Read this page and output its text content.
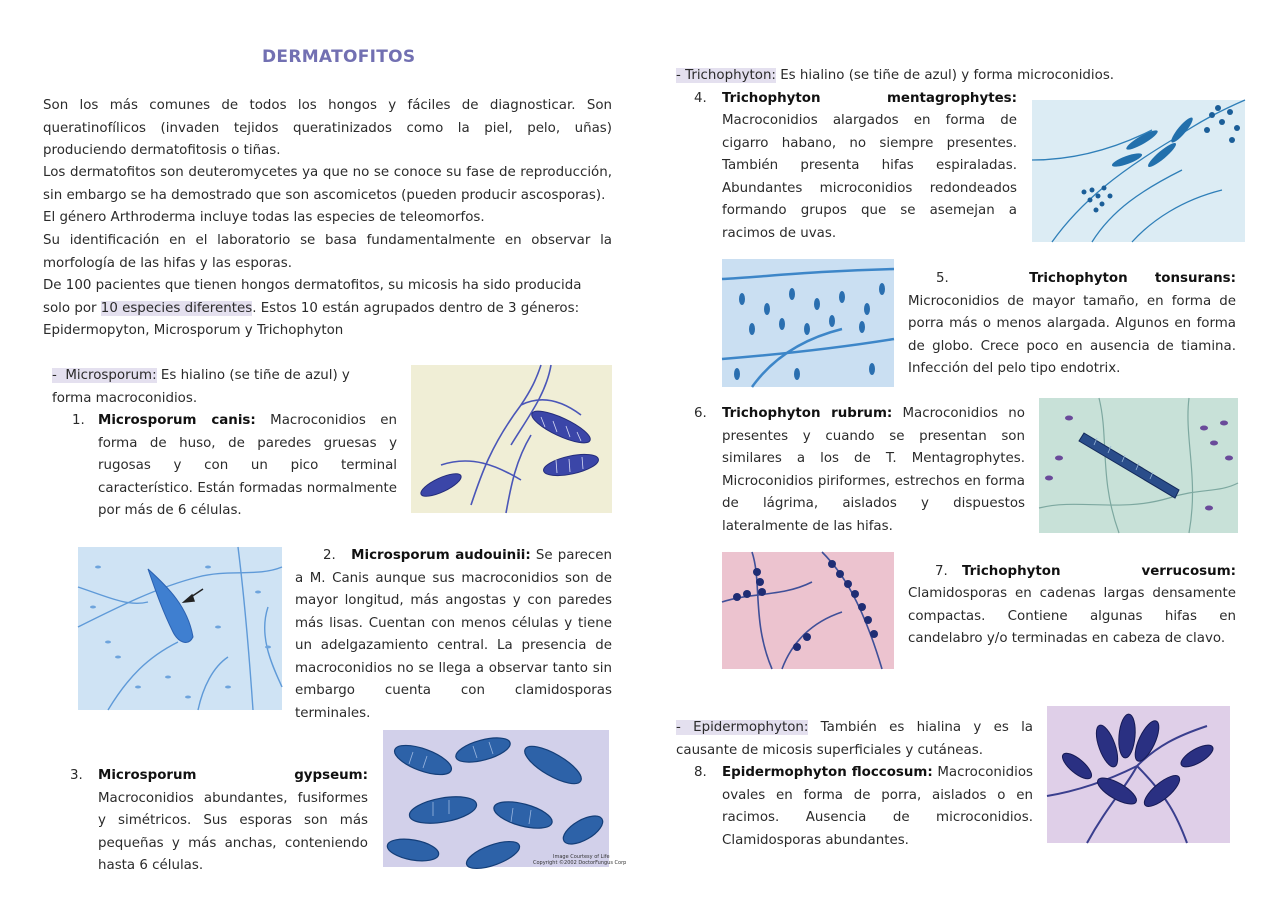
DERMATOFITOS
Son los más comunes de todos los hongos y fáciles de diagnosticar. Son queratinofílicos (invaden tejidos queratinizados como la piel, pelo, uñas) produciendo dermatofitosis o tiñas.
Los dermatofitos son deuteromycetes ya que no se conoce su fase de reproducción, sin embargo se ha demostrado que son ascomicetos (pueden producir ascosporas).
El género Arthroderma incluye todas las especies de teleomorfos.
Su identificación en el laboratorio se basa fundamentalmente en observar la morfología de las hifas y las esporas.
De 100 pacientes que tienen hongos dermatofitos, su micosis ha sido producida solo por 10 especies diferentes. Estos 10 están agrupados dentro de 3 géneros: Epidermopyton, Microsporum y Trichophyton
- Microsporum: Es hialino (se tiñe de azul) y forma macroconidios.
1. Microsporum canis: Macroconidios en forma de huso, de paredes gruesas y rugosas y con un pico terminal característico. Están formadas normalmente por más de 6 células.
2. Microsporum audouinii: Se parecen a M. Canis aunque sus macroconidios son de mayor longitud, más angostas y con paredes más lisas. Cuentan con menos células y tiene un adelgazamiento central. La presencia de macroconidios no se llega a observar tanto sin embargo cuenta con clamidosporas terminales.
3. Microsporum gypseum: Macroconidios abundantes, fusiformes y simétricos. Sus esporas son más pequeñas y más anchas, conteniendo hasta 6 células.
- Trichophyton: Es hialino (se tiñe de azul) y forma microconidios.
4. Trichophyton mentagrophytes:
Macroconidios alargados en forma de cigarro habano, no siempre presentes. También presenta hifas espiraladas. Abundantes microconidios redondeados formando grupos que se asemejan a racimos de uvas.
5.	Trichophyton tonsurans: Microconidios de mayor tamaño, en forma de porra más o menos alargada. Algunos en forma de globo. Crece poco en ausencia de tiamina. Infección del pelo tipo endotrix.
6. Trichophyton rubrum: Macroconidios no presentes y cuando se presentan son similares a los de T. Mentagrophytes. Microconidios piriformes, estrechos en forma de lágrima, aislados y dispuestos lateralmente de las hifas.
7. Trichophyton verrucosum:
Clamidosporas en cadenas largas densamente compactas. Contiene algunas hifas en candelabro y/o terminadas en cabeza de clavo.
- Epidermophyton: También es hialina y es la causante de micosis superficiales y cutáneas.
8. Epidermophyton floccosum: Macroconidios ovales en forma de porra, aislados o en racimos. Ausencia de microconidios. Clamidosporas abundantes.
Image Courtesy of Life
Copyright ©2002 DoctorFungus Corp
